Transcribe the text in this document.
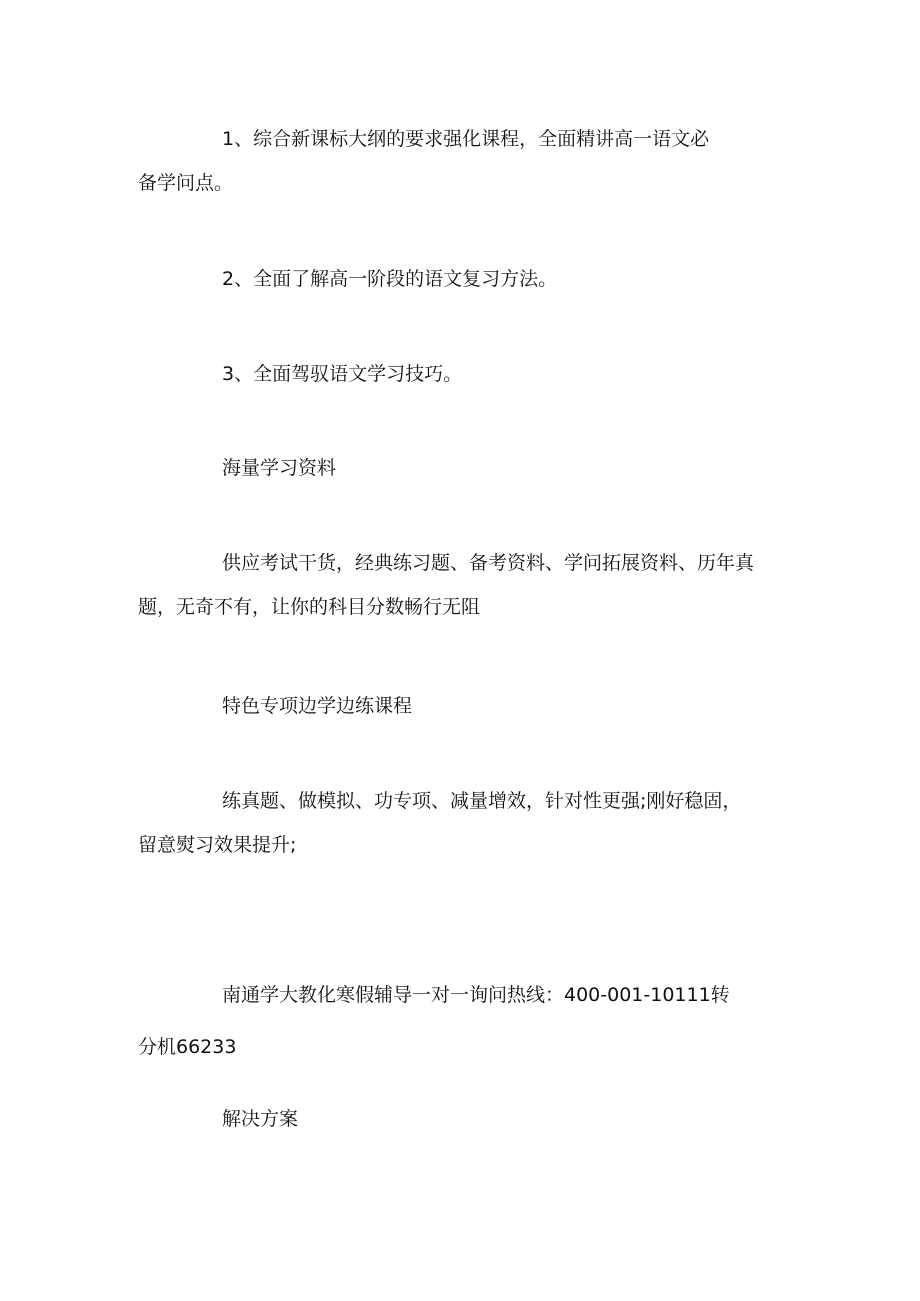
1、综合新课标大纲的要求强化课程，全面精讲高一语文必
备学问点。
2、全面了解高一阶段的语文复习方法。
3、全面驾驭语文学习技巧。
海量学习资料
供应考试干货，经典练习题、备考资料、学问拓展资料、历年真
题，无奇不有，让你的科目分数畅行无阻
特色专项边学边练课程
练真题、做模拟、功专项、减量增效，针对性更强;刚好稳固，
留意熨习效果提升;
南通学大教化寒假辅导一对一询问热线：400-001-10111转
分机66233
解决方案
